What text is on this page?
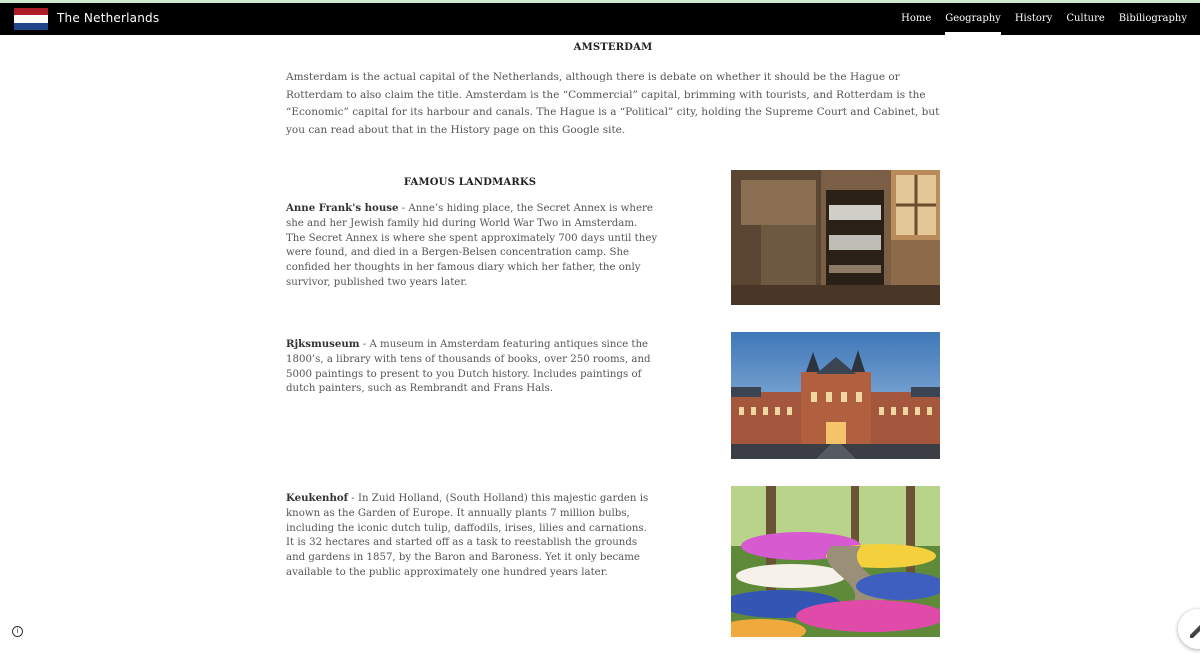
The Netherlands	Home	Geography	History	Culture	Bibiliography
AMSTERDAM
Amsterdam is the actual capital of the Netherlands, although there is debate on whether it should be the Hague or Rotterdam to also claim the title. Amsterdam is the “Commercial” capital, brimming with tourists, and Rotterdam is the “Economic” capital for its harbour and canals. The Hague is a “Political” city, holding the Supreme Court and Cabinet, but you can read about that in the History page on this Google site.
FAMOUS LANDMARKS
Anne Frank's house - Anne’s hiding place, the Secret Annex is where she and her Jewish family hid during World War Two in Amsterdam. The Secret Annex is where she spent approximately 700 days until they were found, and died in a Bergen-Belsen concentration camp. She confided her thoughts in her famous diary which her father, the only survivor, published two years later.
Rjksmuseum - A museum in Amsterdam featuring antiques since the 1800’s, a library with tens of thousands of books, over 250 rooms, and 5000 paintings to present to you Dutch history. Includes paintings of dutch painters, such as Rembrandt and Frans Hals.
Keukenhof - In Zuid Holland, (South Holland) this majestic garden is known as the Garden of Europe. It annually plants 7 million bulbs, including the iconic dutch tulip, daffodils, irises, lilies and carnations. It is 32 hectares and started off as a task to reestablish the grounds and gardens in 1857, by the Baron and Baroness. Yet it only became available to the public approximately one hundred years later.
i
